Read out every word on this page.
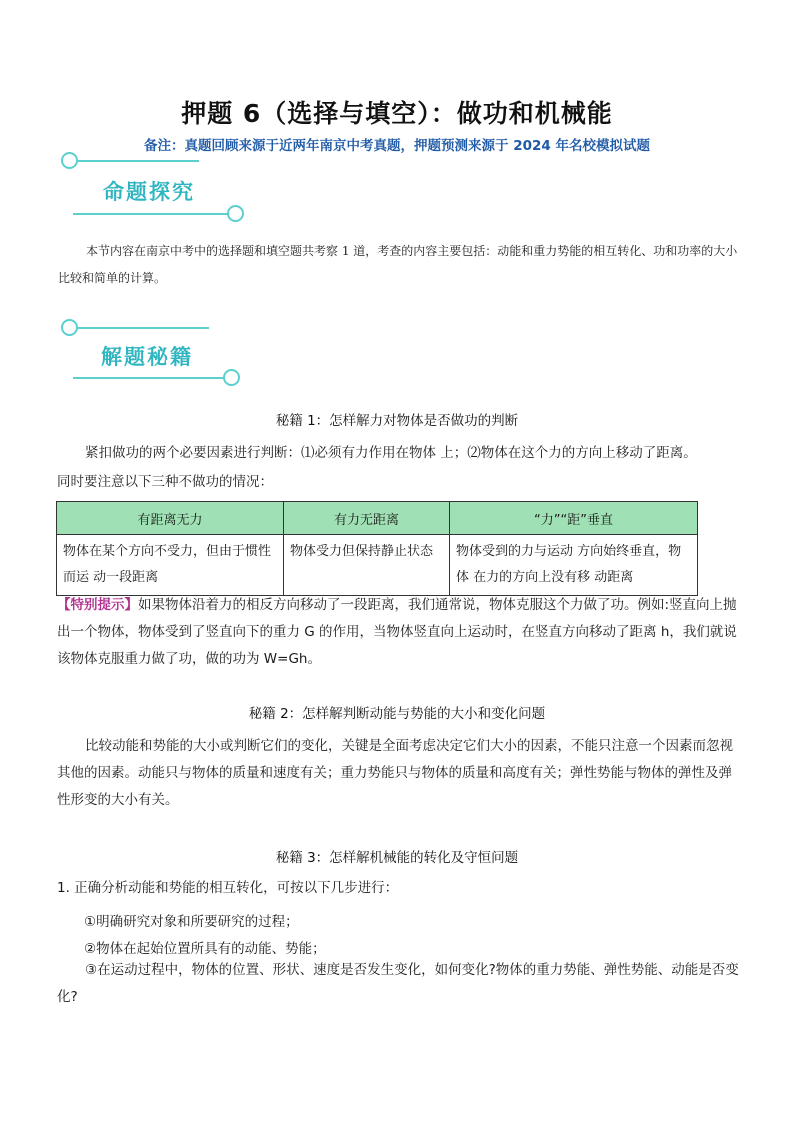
押题 6（选择与填空）：做功和机械能
备注：真题回顾来源于近两年南京中考真题，押题预测来源于 2024 年名校模拟试题
命题探究
本节内容在南京中考中的选择题和填空题共考察 1 道，考查的内容主要包括：动能和重力势能的相互转化、功和功率的大小比较和简单的计算。
解题秘籍
秘籍 1：怎样解力对物体是否做功的判断
紧扣做功的两个必要因素进行判断：⑴必须有力作用在物体 上；⑵物体在这个力的方向上移动了距离。
同时要注意以下三种不做功的情况：
有距离无力	有力无距离	“力”“距”垂直
物体在某个方向不受力，但由于惯性而运 动一段距离	物体受力但保持静止状态	物体受到的力与运动 方向始终垂直，物体 在力的方向上没有移 动距离
【特别提示】如果物体沿着力的相反方向移动了一段距离，我们通常说，物体克服这个力做了功。例如:竖直向上抛出一个物体，物体受到了竖直向下的重力 G 的作用，当物体竖直向上运动时，在竖直方向移动了距离 h，我们就说该物体克服重力做了功，做的功为 W=Gh。
秘籍 2：怎样解判断动能与势能的大小和变化问题
比较动能和势能的大小或判断它们的变化，关键是全面考虑决定它们大小的因素，不能只注意一个因素而忽视其他的因素。动能只与物体的质量和速度有关；重力势能只与物体的质量和高度有关；弹性势能与物体的弹性及弹性形变的大小有关。
秘籍 3：怎样解机械能的转化及守恒问题
1. 正确分析动能和势能的相互转化，可按以下几步进行：
①明确研究对象和所要研究的过程；
②物体在起始位置所具有的动能、势能；
③在运动过程中，物体的位置、形状、速度是否发生变化，如何变化?物体的重力势能、弹性势能、动能是否变化?
